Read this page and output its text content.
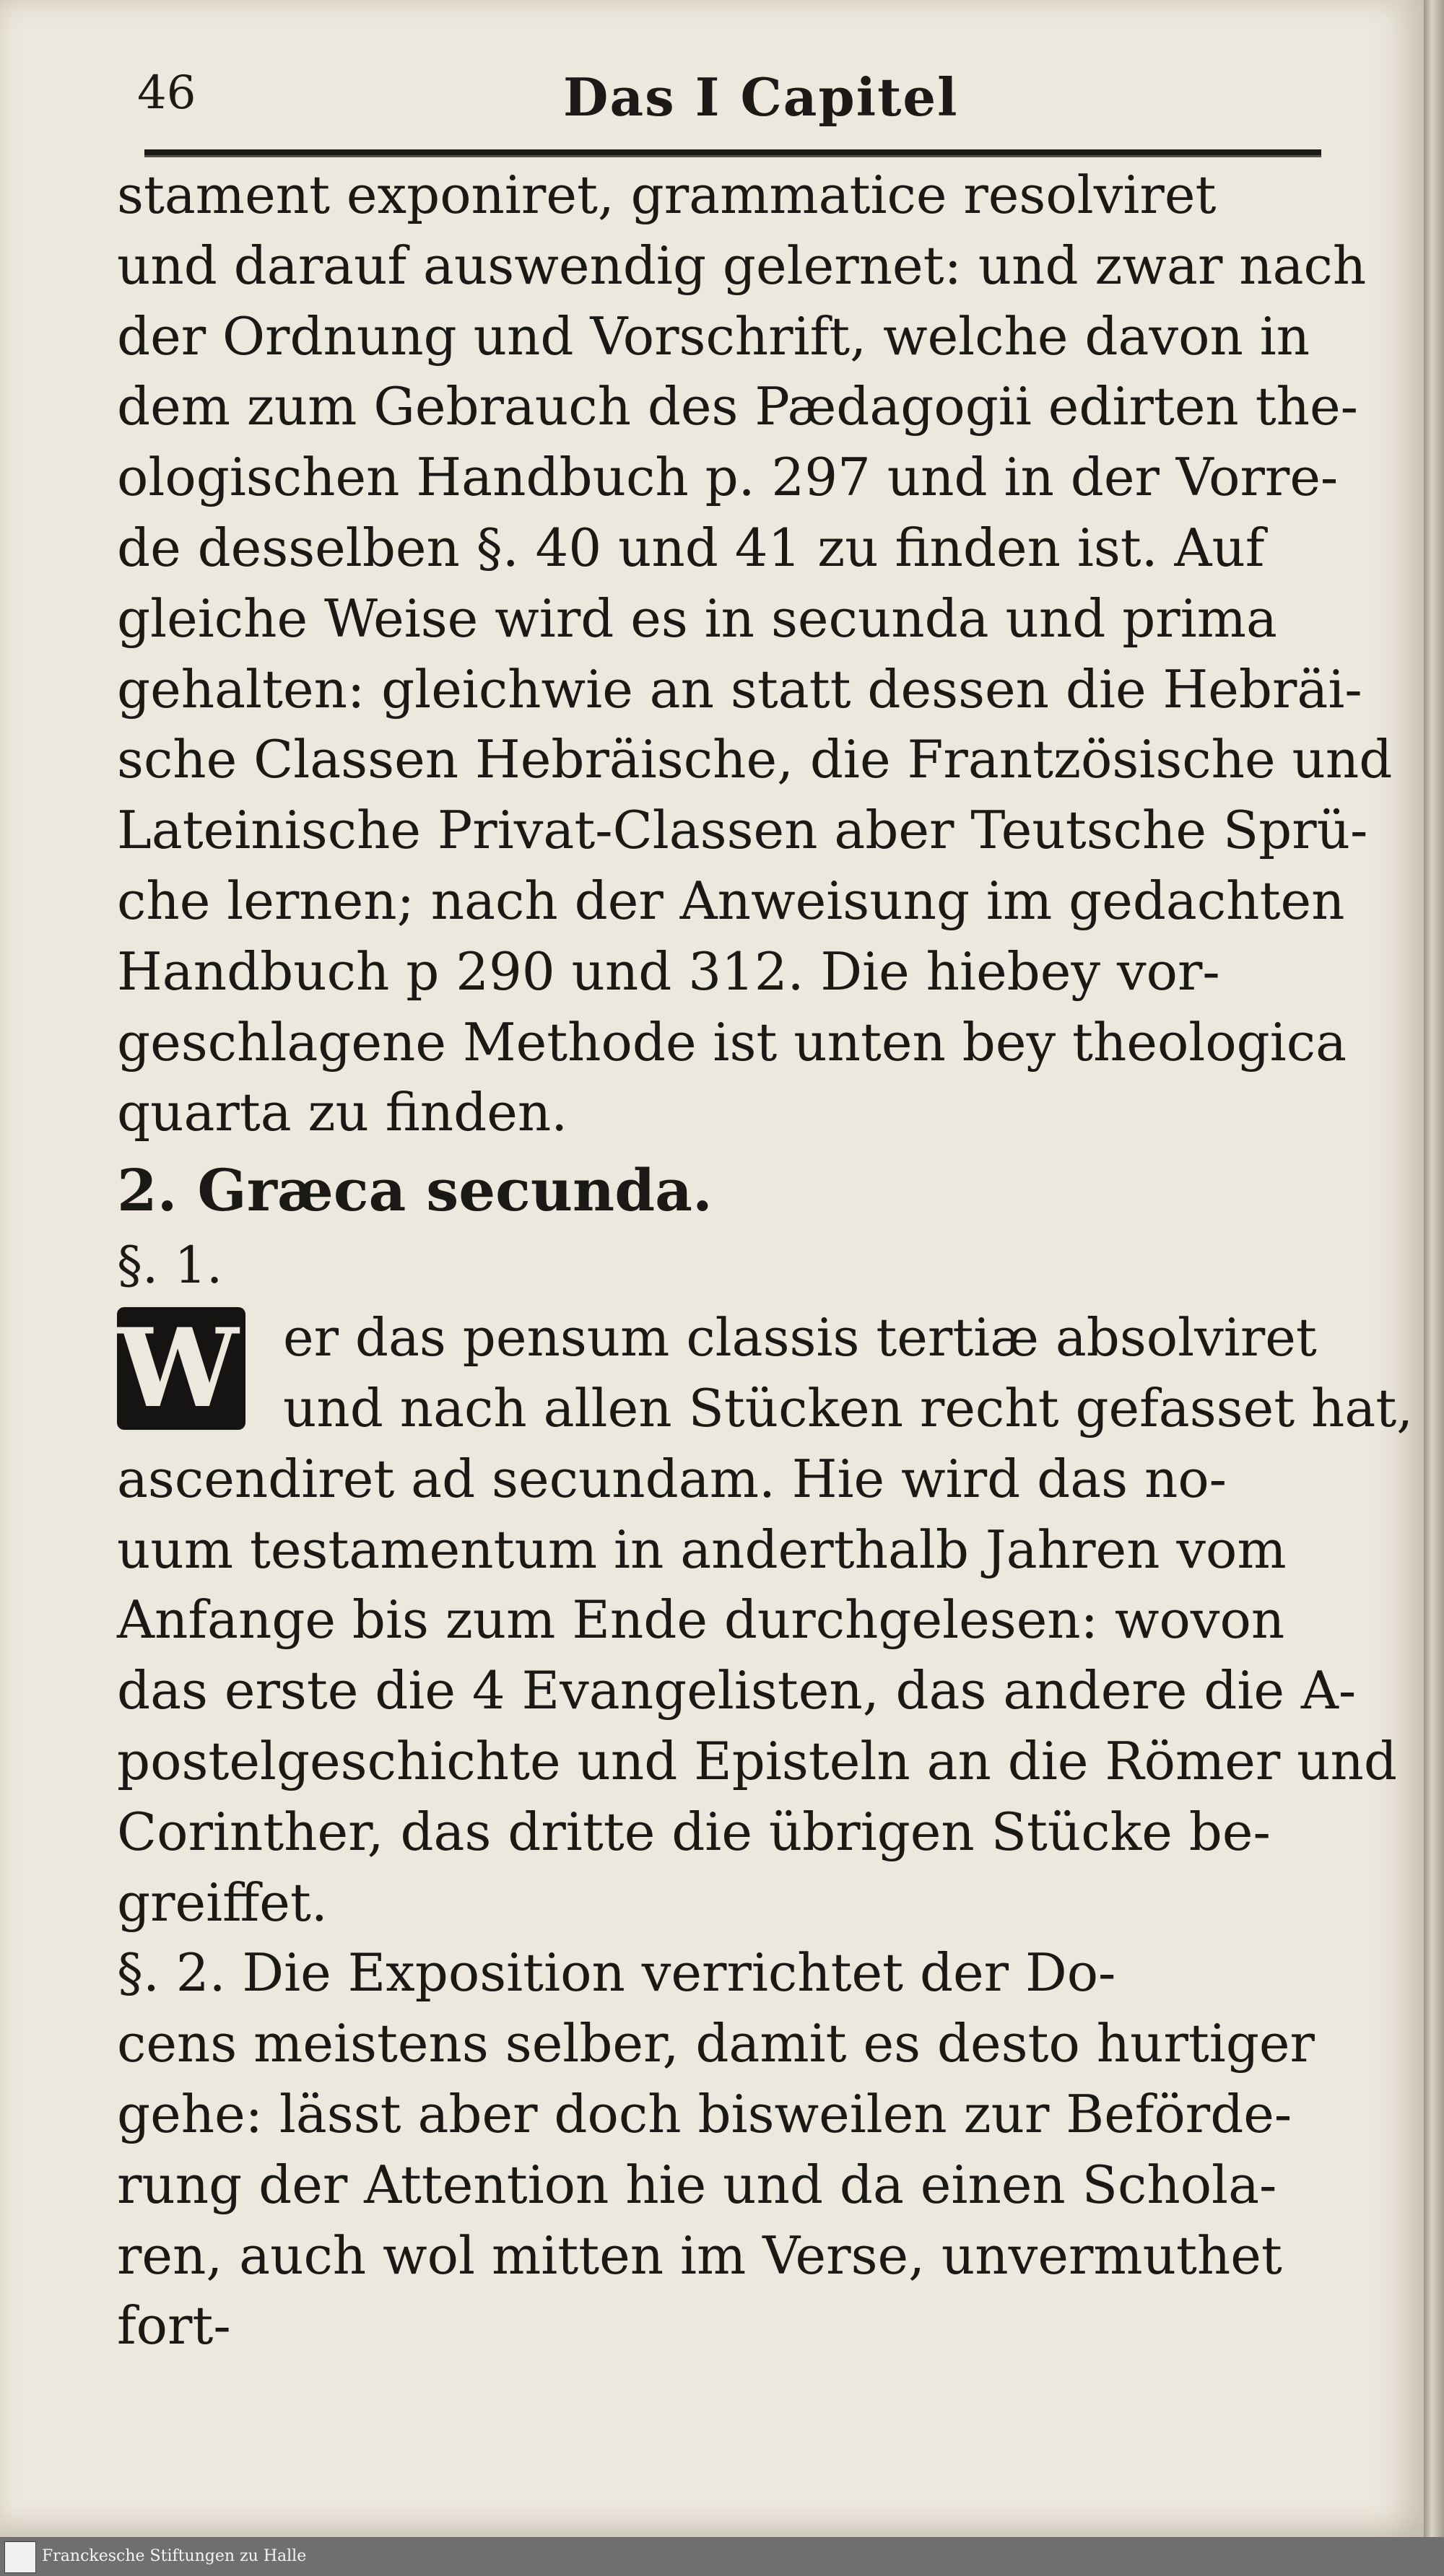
46	Das I Capitel
stament exponiret, grammatice resolviret
und darauf auswendig gelernet: und zwar nach
der Ordnung und Vorschrift, welche davon in
dem zum Gebrauch des Pædagogii edirten the-
ologischen Handbuch p. 297 und in der Vorre-
de desselben §. 40 und 41 zu finden ist. Auf
gleiche Weise wird es in secunda und prima
gehalten: gleichwie an statt dessen die Hebräi-
sche Classen Hebräische, die Frantzösische und
Lateinische Privat-Classen aber Teutsche Sprü-
che lernen; nach der Anweisung im gedachten
Handbuch p 290 und 312. Die hiebey vor-
geschlagene Methode ist unten bey theologica
quarta zu finden.
2. Græca secunda.
§. 1.
W er das pensum classis tertiæ absolviret
und nach allen Stücken recht gefasset hat,
ascendiret ad secundam. Hie wird das no-
uum testamentum in anderthalb Jahren vom
Anfange bis zum Ende durchgelesen: wovon
das erste die 4 Evangelisten, das andere die A-
postelgeschichte und Episteln an die Römer und
Corinther, das dritte die übrigen Stücke be-
greiffet.
§. 2. Die Exposition verrichtet der Do-
cens meistens selber, damit es desto hurtiger
gehe: lässt aber doch bisweilen zur Beförde-
rung der Attention hie und da einen Schola-
ren, auch wol mitten im Verse, unvermuthet
fort-
Franckesche Stiftungen zu Halle
